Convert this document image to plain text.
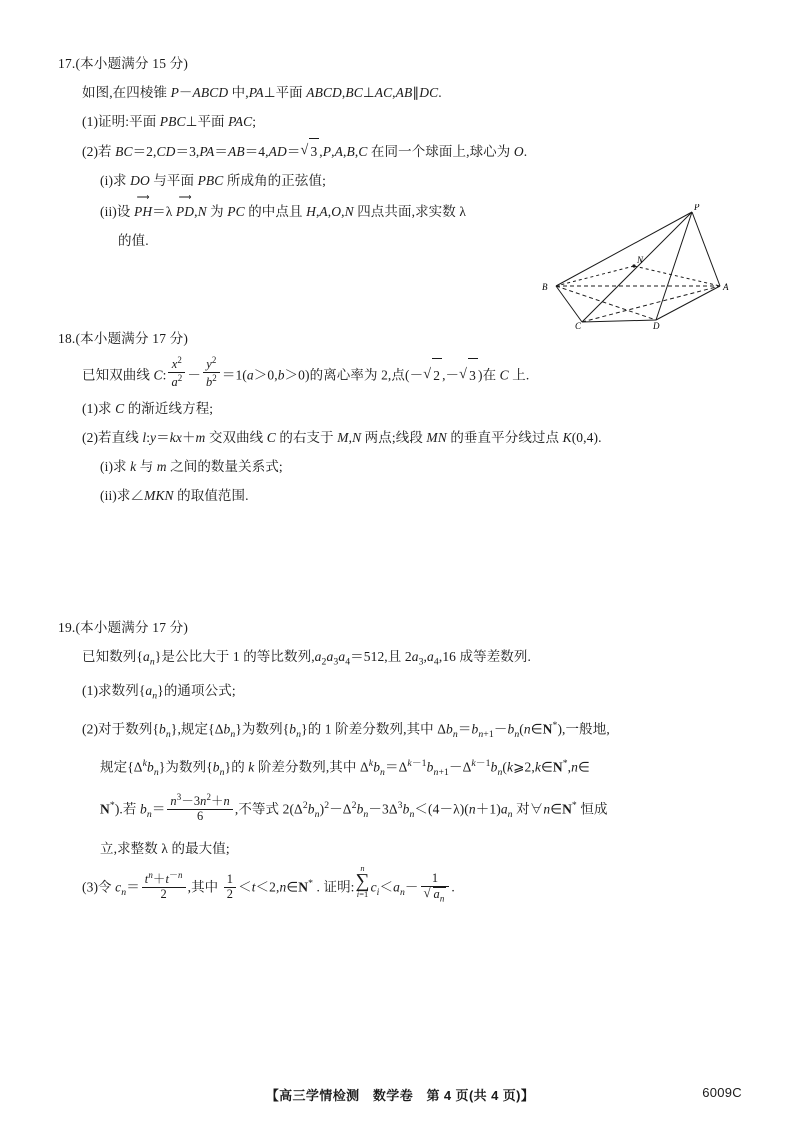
17.(本小题满分 15 分)
如图,在四棱锥 P－ABCD 中,PA⊥平面 ABCD,BC⊥AC,AB∥DC.
(1)证明:平面 PBC⊥平面 PAC;
(2)若 BC＝2,CD＝3,PA＝AB＝4,AD＝ √ 3 ,P,A,B,C 在同一个球面上,球心为 O.
(i)求 DO 与平面 PBC 所成角的正弦值;
(ii)设
⟶
PH＝λ
⟶
PD,N 为 PC 的中点且 H,A,O,N 四点共面,求实数 λ
的值.
P
N
B	A
C	D
18.(本小题满分 17 分)
已知双曲线 C: $\frac{x^2}{a^2} - \frac{y^2}{b^2} =1(a>0,b>0)$的离心率为 2,点(－ √ 2 ,－ √ 3 )在 C 上.
(1)求 C 的渐近线方程;
(2)若直线 l:y＝kx＋m 交双曲线 C 的右支于 M,N 两点;线段 MN 的垂直平分线过点 K(0,4).
(i)求 k 与 m 之间的数量关系式;
(ii)求∠MKN 的取值范围.
19.(本小题满分 17 分)
已知数列$\{a_n\}$是公比大于 1 的等比数列$,a_2a_3a_4=512$,且 $2a_3,a_4,16$ 成等差数列.
(1)求数列$\{a_n\}$的通项公式;
(2)对于数列$\{b_n\}$,规定$\{\Delta b_n\}$为数列$\{b_n\}$的 1 阶差分数列,其中 $\Delta b_n=b_{n+1}-b_n(n\in N^*)$,一般地,
规定$\{\Delta^kb_n\}$为数列$\{b_n\}$的 k 阶差分数列,其中 $\Delta^kb_n=\Delta^{k-1}b_{n+1}-\Delta^{k-1}b_n(k⩾2,k\in N^*,n\in$
N*).若 $b_n= \frac{n^3-3n^2+n}{6}$ ,不等式 $2(\Delta^2b_n)^2-\Delta^2b_n-3\Delta^3b_n<(4-\lambda)(n+1)a_n$ 对∀n∈N* 恒成
立,求整数 λ 的最大值;
(3)令 $c_n= \frac{t^n+t^{-n}}{2}$ ,其中 $\frac{1}{2}$ ＜t＜2,n∈N* . 证明:
n
∑
i=1
$c_i<a_n- 1$
√ $a_n$ .
【高三学情检测　数学卷　第 4 页(共 4 页)】	6009C
